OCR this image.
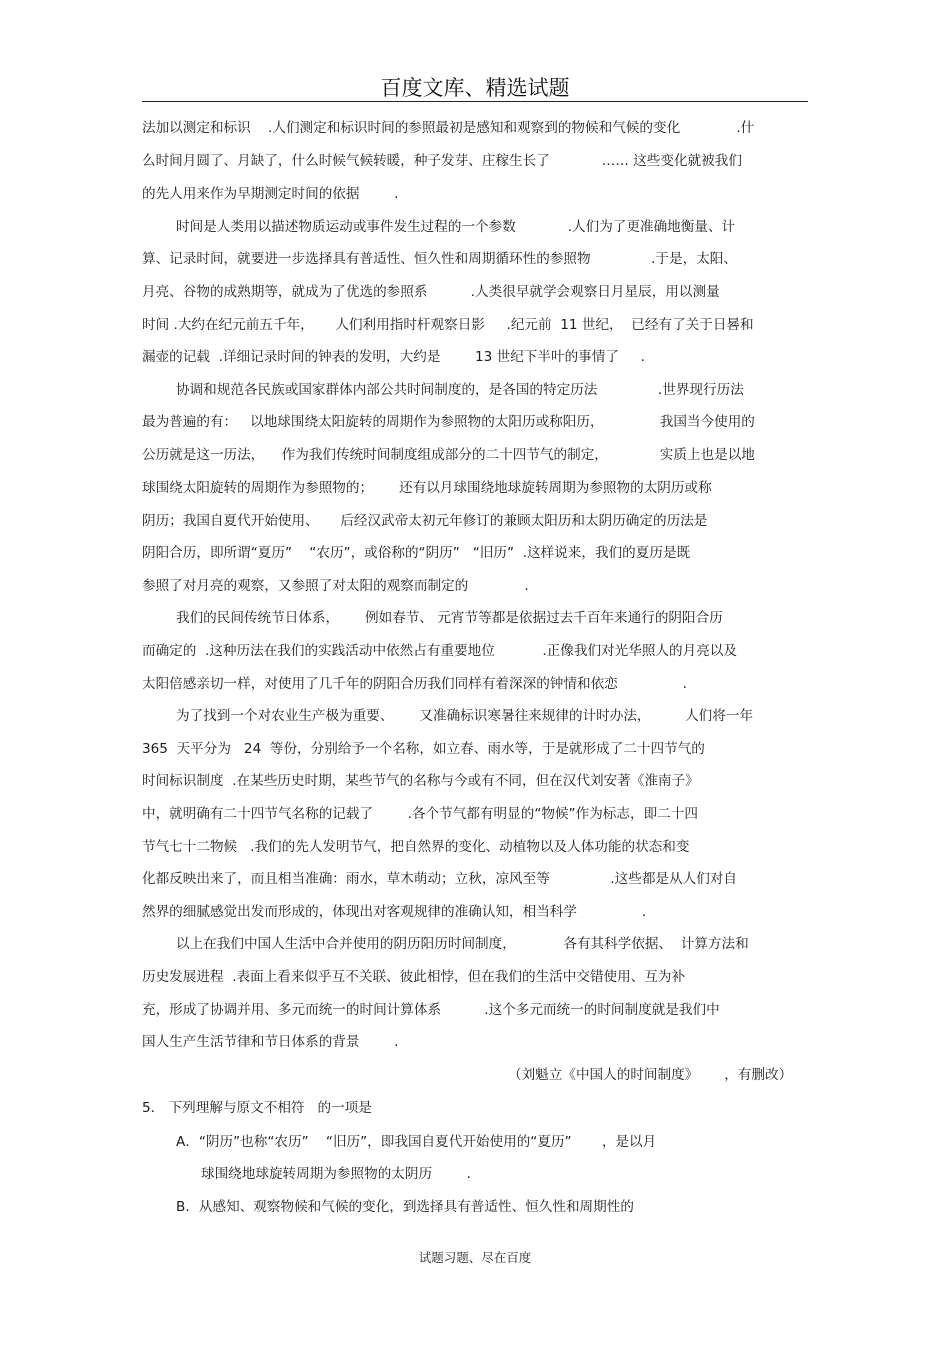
百度文库、精选试题
法加以测定和标识    .人们测定和标识时间的参照最初是感知和观察到的物候和气候的变化             .什
么时间月圆了、月缺了，什么时候气候转暖，种子发芽、庄稼生长了            …… 这些变化就被我们
的先人用来作为早期测定时间的依据        .
时间是人类用以描述物质运动或事件发生过程的一个参数            .人们为了更准确地衡量、计
算、记录时间，就要进一步选择具有普适性、恒久性和周期循环性的参照物              .于是，太阳、
月亮、谷物的成熟期等，就成为了优选的参照系          .人类很早就学会观察日月星辰，用以测量
时间 .大约在纪元前五千年，     人们利用指时杆观察日影     .纪元前  11 世纪，  已经有了关于日晷和
漏壶的记载  .详细记录时间的钟表的发明，大约是        13 世纪下半叶的事情了     .
协调和规范各民族或国家群体内部公共时间制度的，是各国的特定历法              .世界现行历法
最为普遍的有：   以地球围绕太阳旋转的周期作为参照物的太阳历或称阳历，             我国当今使用的
公历就是这一历法，    作为我们传统时间制度组成部分的二十四节气的制定，            实质上也是以地
球围绕太阳旋转的周期作为参照物的；      还有以月球围绕地球旋转周期为参照物的太阴历或称
阴历；我国自夏代开始使用、     后经汉武帝太初元年修订的兼顾太阳历和太阴历确定的历法是
阴阳合历，即所谓“夏历”    “农历”，或俗称的“阴历”   “旧历”  .这样说来，我们的夏历是既
参照了对月亮的观察，又参照了对太阳的观察而制定的             .
我们的民间传统节日体系，      例如春节、 元宵节等都是依据过去千百年来通行的阴阳合历
而确定的  .这种历法在我们的实践活动中依然占有重要地位           .正像我们对光华照人的月亮以及
太阳倍感亲切一样，对使用了几千年的阴阳合历我们同样有着深深的钟情和依恋               .
为了找到一个对农业生产极为重要、      又准确标识寒暑往来规律的计时办法，        人们将一年
365  天平分为   24  等份，分别给予一个名称，如立春、雨水等，于是就形成了二十四节气的
时间标识制度  .在某些历史时期，某些节气的名称与今或有不同，但在汉代刘安著《淮南子》
中，就明确有二十四节气名称的记载了        .各个节气都有明显的“物候”作为标志，即二十四
节气七十二物候   .我们的先人发明节气，把自然界的变化、动植物以及人体功能的状态和变
化都反映出来了，而且相当准确：雨水，草木萌动；立秋，凉风至等              .这些都是从人们对自
然界的细腻感觉出发而形成的，体现出对客观规律的准确认知，相当科学               .
以上在我们中国人生活中合并使用的阴历阳历时间制度，           各有其科学依据、  计算方法和
历史发展进程  .表面上看来似乎互不关联、彼此相悖，但在我们的生活中交错使用、互为补
充，形成了协调并用、多元而统一的时间计算体系          .这个多元而统一的时间制度就是我们中
国人生产生活节律和节日体系的背景        .
（刘魁立《中国人的时间制度》      ，有删改）
5． 下列理解与原文不相符   的一项是
A．“阴历”也称“农历”    “旧历”，即我国自夏代开始使用的“夏历”       ，是以月
球围绕地球旋转周期为参照物的太阴历        .
B．从感知、观察物候和气候的变化，到选择具有普适性、恒久性和周期性的
试题习题、尽在百度
